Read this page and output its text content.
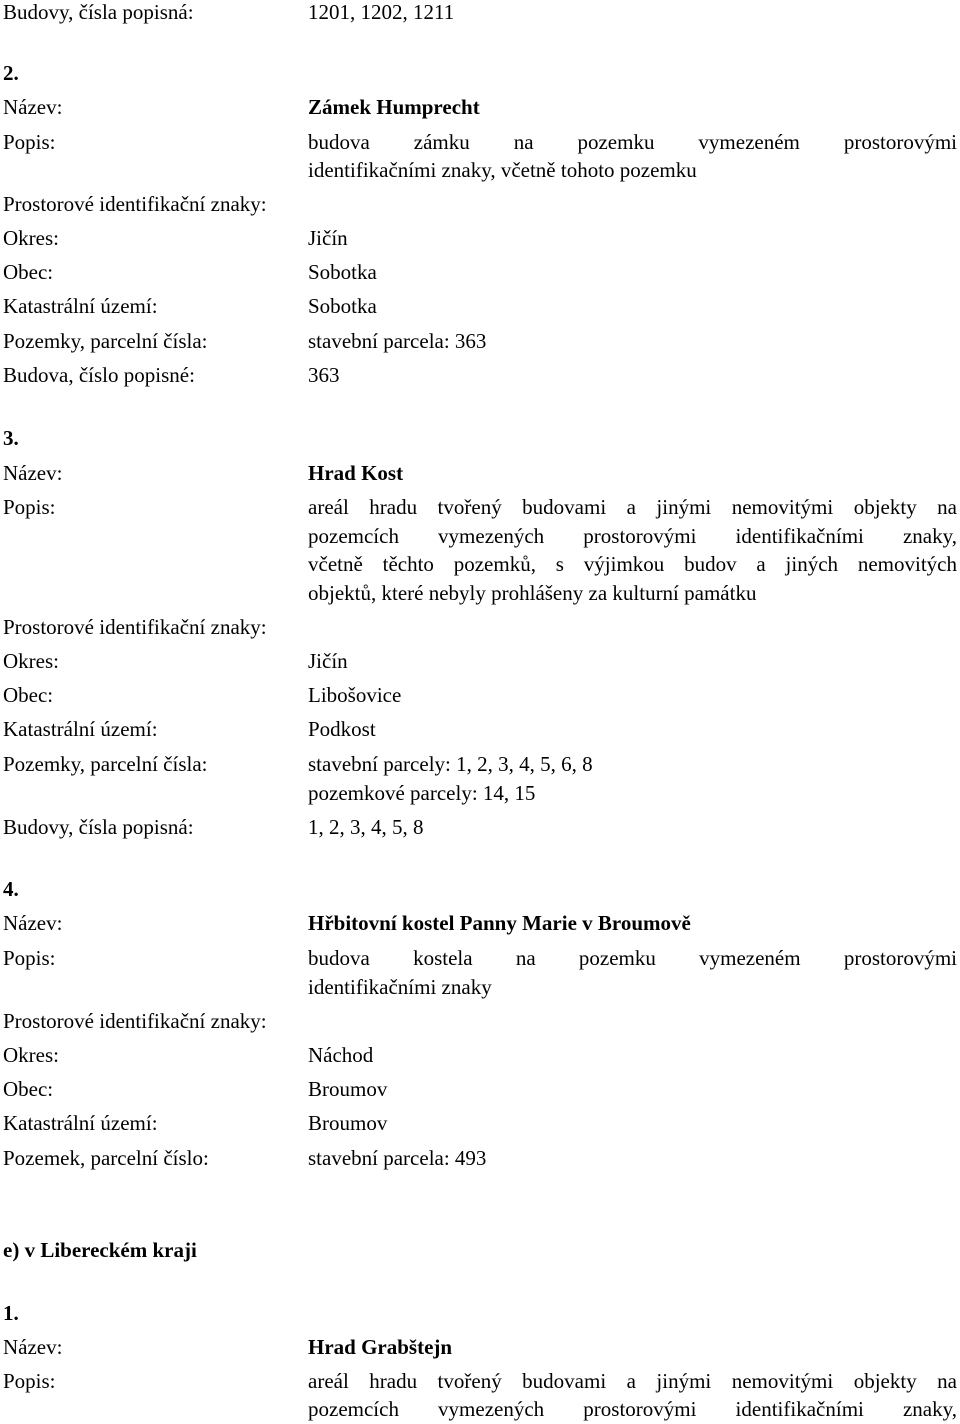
Budovy, čísla popisná:	1201, 1202, 1211
2.
Název:	Zámek Humprecht
Popis:	budova zámku na pozemku vymezeném prostorovými
identifikačními znaky, včetně tohoto pozemku
Prostorové identifikační znaky:
Okres:	Jičín
Obec:	Sobotka
Katastrální území:	Sobotka
Pozemky, parcelní čísla:	stavební parcela: 363
Budova, číslo popisné:	363
3.
Název:	Hrad Kost
Popis:	areál hradu tvořený budovami a jinými nemovitými objekty na
pozemcích vymezených prostorovými identifikačními znaky,
včetně těchto pozemků, s výjimkou budov a jiných nemovitých
objektů, které nebyly prohlášeny za kulturní památku
Prostorové identifikační znaky:
Okres:	Jičín
Obec:	Libošovice
Katastrální území:	Podkost
Pozemky, parcelní čísla:	stavební parcely: 1, 2, 3, 4, 5, 6, 8
pozemkové parcely: 14, 15
Budovy, čísla popisná:	1, 2, 3, 4, 5, 8
4.
Název:	Hřbitovní kostel Panny Marie v Broumově
Popis:	budova kostela na pozemku vymezeném prostorovými
identifikačními znaky
Prostorové identifikační znaky:
Okres:	Náchod
Obec:	Broumov
Katastrální území:	Broumov
Pozemek, parcelní číslo:	stavební parcela: 493
e) v Libereckém kraji
1.
Název:	Hrad Grabštejn
Popis:	areál hradu tvořený budovami a jinými nemovitými objekty na
pozemcích vymezených prostorovými identifikačními znaky,
